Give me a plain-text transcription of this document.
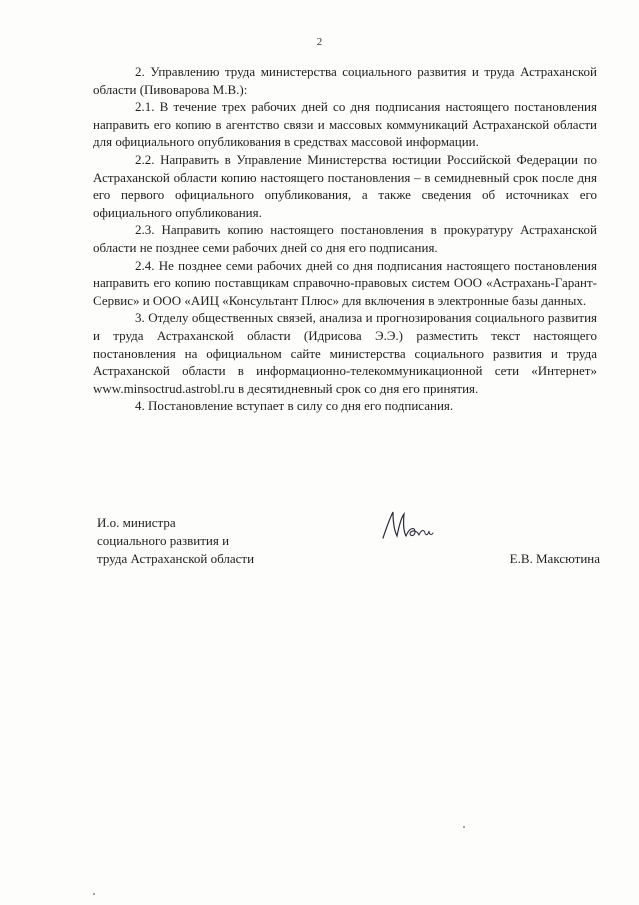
2

2. Управлению труда министерства социального развития и труда Астраханской области (Пивоварова М.В.):

2.1. В течение трех рабочих дней со дня подписания настоящего постановления направить его копию в агентство связи и массовых коммуникаций Астраханской области для официального опубликования в средствах массовой информации.

2.2. Направить в Управление Министерства юстиции Российской Федерации по Астраханской области копию настоящего постановления – в семидневный срок после дня его первого официального опубликования, а также сведения об источниках его официального опубликования.

2.3. Направить копию настоящего постановления в прокуратуру Астраханской области не позднее семи рабочих дней со дня его подписания.

2.4. Не позднее семи рабочих дней со дня подписания настоящего постановления направить его копию поставщикам справочно-правовых систем ООО «Астрахань-Гарант-Сервис» и ООО «АИЦ «Консультант Плюс» для включения в электронные базы данных.

3. Отделу общественных связей, анализа и прогнозирования социального развития и труда Астраханской области (Идрисова Э.Э.) разместить текст настоящего постановления на официальном сайте министерства социального развития и труда Астраханской области в информационно-телекоммуникационной сети «Интернет» www.minsoctrud.astrobl.ru в десятидневный срок со дня его принятия.

4. Постановление вступает в силу со дня его подписания.

И.о. министра

социального развития и

труда Астраханской области	Е.В. Максютина
